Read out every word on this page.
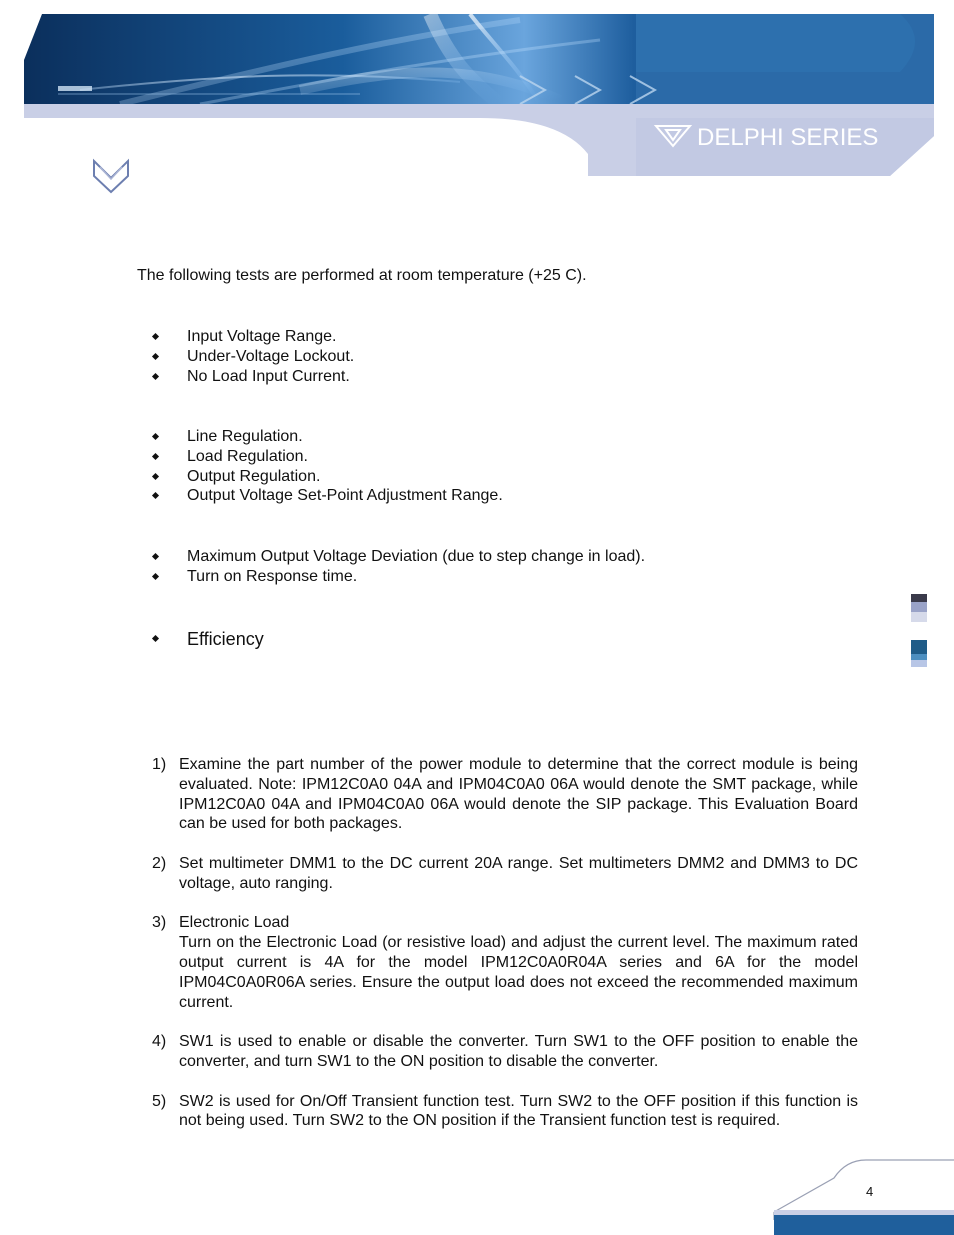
DELPHI SERIES
The following tests are performed at room temperature (+25 C).
Input Voltage Range.
Under-Voltage Lockout.
No Load Input Current.
Line Regulation.
Load Regulation.
Output Regulation.
Output Voltage Set-Point Adjustment Range.
Maximum Output Voltage Deviation (due to step change in load).
Turn on Response time.
Efficiency
1) Examine the part number of the power module to determine that the correct module is being evaluated. Note: IPM12C0A0 04A and IPM04C0A0 06A would denote the SMT package, while IPM12C0A0 04A and IPM04C0A0 06A would denote the SIP package. This Evaluation Board can be used for both packages.

2) Set multimeter DMM1 to the DC current 20A range. Set multimeters DMM2 and DMM3 to DC voltage, auto ranging.

3) Electronic Load

Turn on the Electronic Load (or resistive load) and adjust the current level. The maximum rated output current is 4A for the model IPM12C0A0R04A series and 6A for the model IPM04C0A0R06A series. Ensure the output load does not exceed the recommended maximum current.

4) SW1 is used to enable or disable the converter. Turn SW1 to the OFF position to enable the converter, and turn SW1 to the ON position to disable the converter.

5) SW2 is used for On/Off Transient function test. Turn SW2 to the OFF position if this function is not being used. Turn SW2 to the ON position if the Transient function test is required.

4
